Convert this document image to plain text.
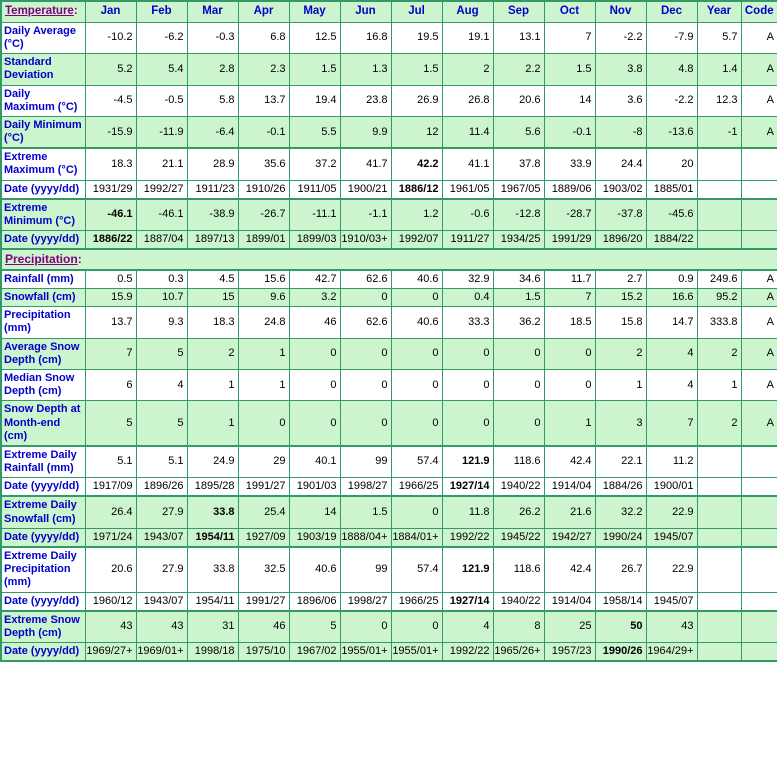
Temperature:	Jan	Feb	Mar	Apr	May	Jun	Jul	Aug	Sep	Oct	Nov	Dec	Year	Code
Daily Average (°C)	-10.2	-6.2	-0.3	6.8	12.5	16.8	19.5	19.1	13.1	7	-2.2	-7.9	5.7	A
Standard Deviation	5.2	5.4	2.8	2.3	1.5	1.3	1.5	2	2.2	1.5	3.8	4.8	1.4	A
Daily Maximum (°C)	-4.5	-0.5	5.8	13.7	19.4	23.8	26.9	26.8	20.6	14	3.6	-2.2	12.3	A
Daily Minimum (°C)	-15.9	-11.9	-6.4	-0.1	5.5	9.9	12	11.4	5.6	-0.1	-8	-13.6	-1	A
Extreme Maximum (°C)	18.3	21.1	28.9	35.6	37.2	41.7	42.2	41.1	37.8	33.9	24.4	20		
Date (yyyy/dd)	1931/29	1992/27	1911/23	1910/26	1911/05	1900/21	1886/12	1961/05	1967/05	1889/06	1903/02	1885/01		
Extreme Minimum (°C)	-46.1	-46.1	-38.9	-26.7	-11.1	-1.1	1.2	-0.6	-12.8	-28.7	-37.8	-45.6		
Date (yyyy/dd)	1886/22	1887/04	1897/13	1899/01	1899/03	1910/03+	1992/07	1911/27	1934/25	1991/29	1896/20	1884/22		
Precipitation:														
Rainfall (mm)	0.5	0.3	4.5	15.6	42.7	62.6	40.6	32.9	34.6	11.7	2.7	0.9	249.6	A
Snowfall (cm)	15.9	10.7	15	9.6	3.2	0	0	0.4	1.5	7	15.2	16.6	95.2	A
Precipitation (mm)	13.7	9.3	18.3	24.8	46	62.6	40.6	33.3	36.2	18.5	15.8	14.7	333.8	A
Average Snow Depth (cm)	7	5	2	1	0	0	0	0	0	0	2	4	2	A
Median Snow Depth (cm)	6	4	1	1	0	0	0	0	0	0	1	4	1	A
Snow Depth at Month-end (cm)	5	5	1	0	0	0	0	0	0	1	3	7	2	A
Extreme Daily Rainfall (mm)	5.1	5.1	24.9	29	40.1	99	57.4	121.9	118.6	42.4	22.1	11.2		
Date (yyyy/dd)	1917/09	1896/26	1895/28	1991/27	1901/03	1998/27	1966/25	1927/14	1940/22	1914/04	1884/26	1900/01		
Extreme Daily Snowfall (cm)	26.4	27.9	33.8	25.4	14	1.5	0	11.8	26.2	21.6	32.2	22.9		
Date (yyyy/dd)	1971/24	1943/07	1954/11	1927/09	1903/19	1888/04+	1884/01+	1992/22	1945/22	1942/27	1990/24	1945/07		
Extreme Daily Precipitation (mm)	20.6	27.9	33.8	32.5	40.6	99	57.4	121.9	118.6	42.4	26.7	22.9		
Date (yyyy/dd)	1960/12	1943/07	1954/11	1991/27	1896/06	1998/27	1966/25	1927/14	1940/22	1914/04	1958/14	1945/07		
Extreme Snow Depth (cm)	43	43	31	46	5	0	0	4	8	25	50	43		
Date (yyyy/dd)	1969/27+	1969/01+	1998/18	1975/10	1967/02	1955/01+	1955/01+	1992/22	1965/26+	1957/23	1990/26	1964/29+		
